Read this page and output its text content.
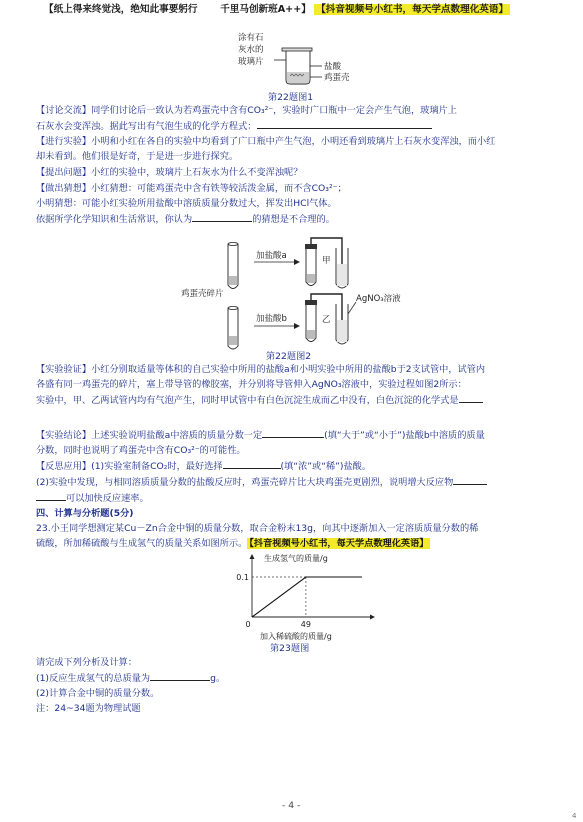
【纸上得来终觉浅，绝知此事要躬行 千里马创新班A++】 【抖音视频号小红书，每天学点数理化英语】
涂有石
灰水的
玻璃片	盐酸
鸡蛋壳
第22题图1
【讨论交流】同学们讨论后一致认为若鸡蛋壳中含有CO₃²⁻，实验时广口瓶中一定会产生气泡，玻璃片上
石灰水会变浑浊。据此写出有气泡生成的化学方程式：
【进行实验】小明和小红在各自的实验中均看到了广口瓶中产生气泡，小明还看到玻璃片上石灰水变浑浊，而小红
却未看到。他们很是好奇，于是进一步进行探究。
【提出问题】小红的实验中，玻璃片上石灰水为什么不变浑浊呢？
【做出猜想】小红猜想：可能鸡蛋壳中含有铁等较活泼金属，而不含CO₃²⁻；
小明猜想：可能小红实验所用盐酸中溶质质量分数过大，挥发出HCl气体。
依据所学化学知识和生活常识，你认为	的猜想是不合理的。
鸡蛋壳碎片
加盐酸a
加盐酸b
甲
乙
AgNO₃溶液
第22题图2
【实验验证】小红分别取适量等体积的自己实验中所用的盐酸a和小明实验中所用的盐酸b于2支试管中，试管内
各盛有同一鸡蛋壳的碎片，塞上带导管的橡胶塞，并分别将导管伸入AgNO₃溶液中，实验过程如图2所示：
实验中，甲、乙两试管内均有气泡产生，同时甲试管中有白色沉淀生成而乙中没有，白色沉淀的化学式是
【实验结论】上述实验说明盐酸a中溶质的质量分数一定	(填“大于”或“小于”)盐酸b中溶质的质量
分数，同时也说明了鸡蛋壳中含有CO₃²⁻的可能性。
【反思应用】(1)实验室制备CO₂时，最好选择	(填“浓”或“稀”)盐酸。
(2)实验中发现，与相同溶质质量分数的盐酸反应时，鸡蛋壳碎片比大块鸡蛋壳更剧烈，说明增大反应物
可以加快反应速率。
四、计算与分析题(5分)
23.小王同学想测定某Cu－Zn合金中铜的质量分数，取合金粉末13g，向其中逐渐加入一定溶质质量分数的稀
硫酸，所加稀硫酸与生成氢气的质量关系如图所示。 【抖音视频号小红书，每天学点数理化英语】
生成氢气的质量/g
加入稀硫酸的质量/g
0	49
0.1
第23题图
请完成下列分析及计算：
(1)反应生成氢气的总质量为	g。
(2)计算合金中铜的质量分数。
注：24~34题为物理试题
- 4 -
4
